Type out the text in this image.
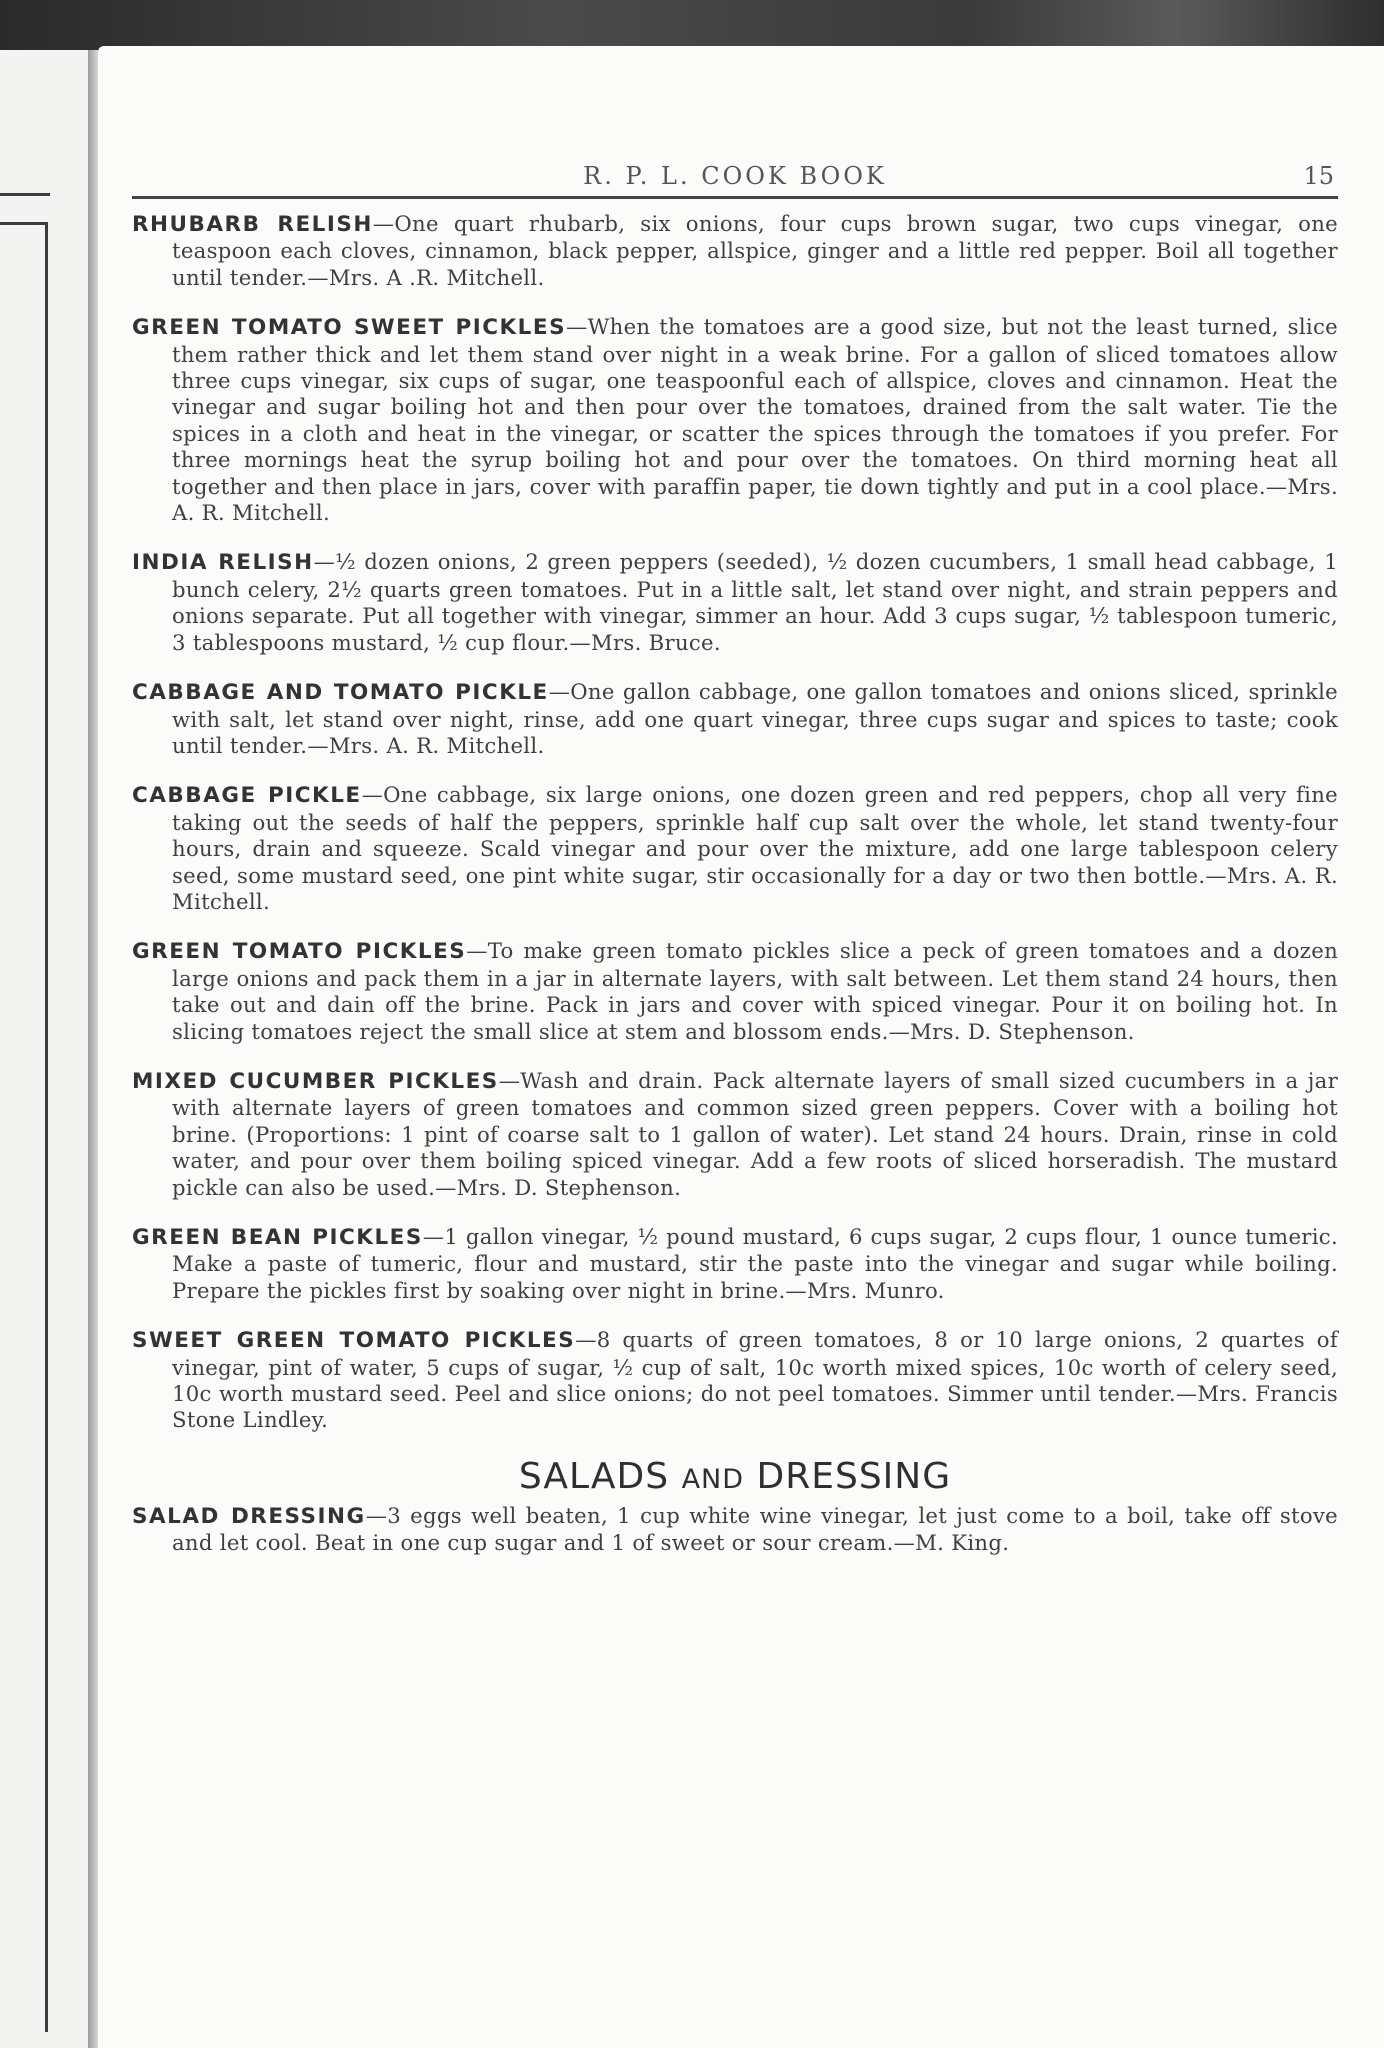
R. P. L. COOK BOOK	15

RHUBARB RELISH—One quart rhubarb, six onions, four cups brown sugar, two cups vinegar, one teaspoon each cloves, cinnamon, black pepper, allspice, ginger and a little red pepper. Boil all together until tender.—Mrs. A .R. Mitchell.

GREEN TOMATO SWEET PICKLES—When the tomatoes are a good size, but not the least turned, slice them rather thick and let them stand over night in a weak brine. For a gallon of sliced tomatoes allow three cups vinegar, six cups of sugar, one teaspoonful each of allspice, cloves and cinnamon. Heat the vinegar and sugar boiling hot and then pour over the tomatoes, drained from the salt water. Tie the spices in a cloth and heat in the vinegar, or scatter the spices through the tomatoes if you prefer. For three mornings heat the syrup boiling hot and pour over the tomatoes. On third morning heat all together and then place in jars, cover with paraffin paper, tie down tightly and put in a cool place.—Mrs. A. R. Mitchell.

INDIA RELISH—½ dozen onions, 2 green peppers (seeded), ½ dozen cucumbers, 1 small head cabbage, 1 bunch celery, 2½ quarts green tomatoes. Put in a little salt, let stand over night, and strain peppers and onions separate. Put all together with vinegar, simmer an hour. Add 3 cups sugar, ½ tablespoon tumeric, 3 tablespoons mustard, ½ cup flour.—Mrs. Bruce.

CABBAGE AND TOMATO PICKLE—One gallon cabbage, one gallon tomatoes and onions sliced, sprinkle with salt, let stand over night, rinse, add one quart vinegar, three cups sugar and spices to taste; cook until tender.—Mrs. A. R. Mitchell.

CABBAGE PICKLE—One cabbage, six large onions, one dozen green and red peppers, chop all very fine taking out the seeds of half the peppers, sprinkle half cup salt over the whole, let stand twenty-four hours, drain and squeeze. Scald vinegar and pour over the mixture, add one large tablespoon celery seed, some mustard seed, one pint white sugar, stir occasionally for a day or two then bottle.—Mrs. A. R. Mitchell.

GREEN TOMATO PICKLES—To make green tomato pickles slice a peck of green tomatoes and a dozen large onions and pack them in a jar in alternate layers, with salt between. Let them stand 24 hours, then take out and dain off the brine. Pack in jars and cover with spiced vinegar. Pour it on boiling hot. In slicing tomatoes reject the small slice at stem and blossom ends.—Mrs. D. Stephenson.

MIXED CUCUMBER PICKLES—Wash and drain. Pack alternate layers of small sized cucumbers in a jar with alternate layers of green tomatoes and common sized green peppers. Cover with a boiling hot brine. (Proportions: 1 pint of coarse salt to 1 gallon of water). Let stand 24 hours. Drain, rinse in cold water, and pour over them boiling spiced vinegar. Add a few roots of sliced horseradish. The mustard pickle can also be used.—Mrs. D. Stephenson.

GREEN BEAN PICKLES—1 gallon vinegar, ½ pound mustard, 6 cups sugar, 2 cups flour, 1 ounce tumeric. Make a paste of tumeric, flour and mustard, stir the paste into the vinegar and sugar while boiling. Prepare the pickles first by soaking over night in brine.—Mrs. Munro.

SWEET GREEN TOMATO PICKLES—8 quarts of green tomatoes, 8 or 10 large onions, 2 quartes of vinegar, pint of water, 5 cups of sugar, ½ cup of salt, 10c worth mixed spices, 10c worth of celery seed, 10c worth mustard seed. Peel and slice onions; do not peel tomatoes. Simmer until tender.—Mrs. Francis Stone Lindley.

SALADS AND DRESSING

SALAD DRESSING—3 eggs well beaten, 1 cup white wine vinegar, let just come to a boil, take off stove and let cool. Beat in one cup sugar and 1 of sweet or sour cream.—M. King.
